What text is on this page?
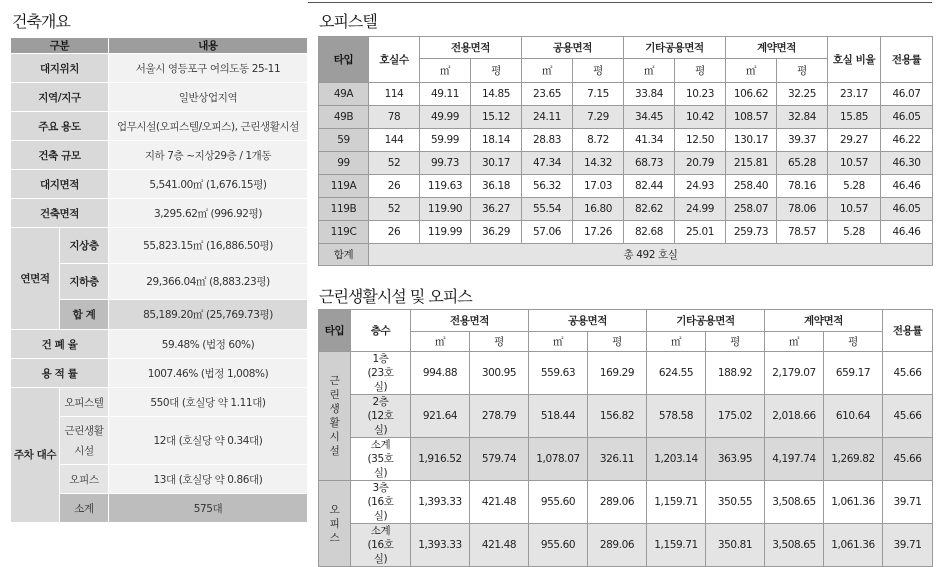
건축개요
구분		내용
대지위치		서울시 영등포구 여의도동 25-11
지역/지구		일반상업지역
주요 용도		업무시설(오피스텔/오피스), 근린생활시설
건축 규모		지하 7층 ~지상29층 / 1개동
대지면적		5,541.00㎡ (1,676.15평)
건축면적		3,295.62㎡ (996.92평)
연면적	지상층	55,823.15㎡ (16,886.50평)
	지하층	29,366.04㎡ (8,883.23평)
	합 계	85,189.20㎡ (25,769.73평)
건 폐 율		59.48% (법정 60%)
용 적 률		1007.46% (법정 1,008%)
주차 대수	오피스텔	550대 (호실당 약 1.11대)
	근린생활 시설	12대 (호실당 약 0.34대)
	오피스	13대 (호실당 약 0.86대)
	소계	575대
오피스텔
타입	호실수	전용면적		공용면적		기타공용면적		계약면적		호실 비율	전용률
		㎡	평	㎡	평	㎡	평	㎡	평		
49A	114	49.11	14.85	23.65	7.15	33.84	10.23	106.62	32.25	23.17	46.07
49B	78	49.99	15.12	24.11	7.29	34.45	10.42	108.57	32.84	15.85	46.05
59	144	59.99	18.14	28.83	8.72	41.34	12.50	130.17	39.37	29.27	46.22
99	52	99.73	30.17	47.34	14.32	68.73	20.79	215.81	65.28	10.57	46.30
119A	26	119.63	36.18	56.32	17.03	82.44	24.93	258.40	78.16	5.28	46.46
119B	52	119.90	36.27	55.54	16.80	82.62	24.99	258.07	78.06	10.57	46.05
119C	26	119.99	36.29	57.06	17.26	82.68	25.01	259.73	78.57	5.28	46.46
합계	총 492 호실										
근린생활시설 및 오피스
타입	층수	전용면적		공용면적		기타공용면적		계약면적		전용률
		㎡	평	㎡	평	㎡	평	㎡	평	
근린생활시설	1층 (23호실)	994.88	300.95	559.63	169.29	624.55	188.92	2,179.07	659.17	45.66
	2층 (12호실)	921.64	278.79	518.44	156.82	578.58	175.02	2,018.66	610.64	45.66
	소계 (35호실)	1,916.52	579.74	1,078.07	326.11	1,203.14	363.95	4,197.74	1,269.82	45.66
오피스	3층 (16호실)	1,393.33	421.48	955.60	289.06	1,159.71	350.55	3,508.65	1,061.36	39.71
	소계 (16호실)	1,393.33	421.48	955.60	289.06	1,159.71	350.81	3,508.65	1,061.36	39.71
